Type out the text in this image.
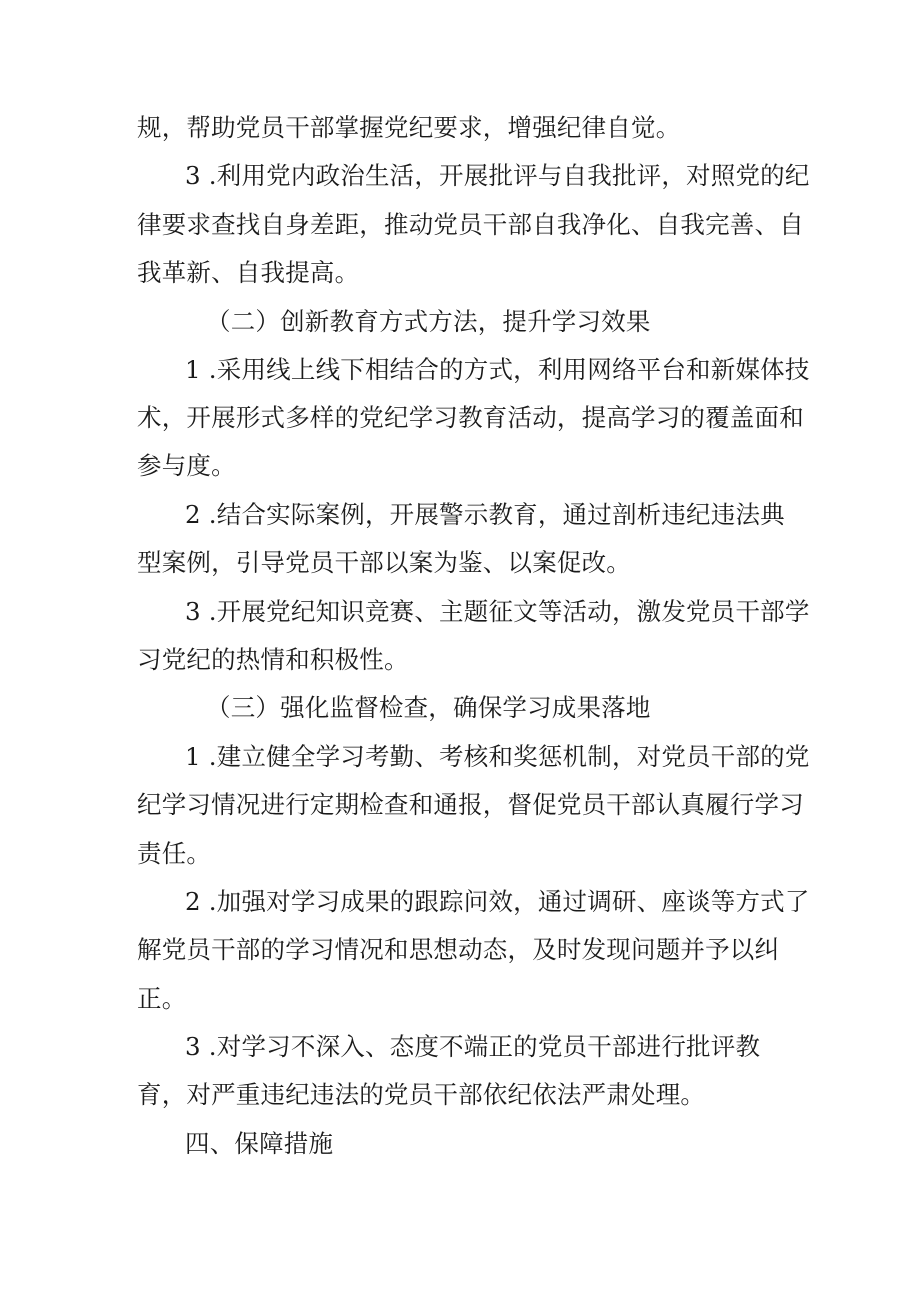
规，帮助党员干部掌握党纪要求，增强纪律自觉。
3 .利用党内政治生活，开展批评与自我批评，对照党的纪
律要求查找自身差距，推动党员干部自我净化、自我完善、自
我革新、自我提高。
（二）创新教育方式方法，提升学习效果
1 .采用线上线下相结合的方式，利用网络平台和新媒体技
术，开展形式多样的党纪学习教育活动，提高学习的覆盖面和
参与度。
2 .结合实际案例，开展警示教育，通过剖析违纪违法典
型案例，引导党员干部以案为鉴、以案促改。
3 .开展党纪知识竞赛、主题征文等活动，激发党员干部学
习党纪的热情和积极性。
（三）强化监督检查，确保学习成果落地
1 .建立健全学习考勤、考核和奖惩机制，对党员干部的党
纪学习情况进行定期检查和通报，督促党员干部认真履行学习
责任。
2 .加强对学习成果的跟踪问效，通过调研、座谈等方式了
解党员干部的学习情况和思想动态，及时发现问题并予以纠
正。
3 .对学习不深入、态度不端正的党员干部进行批评教
育，对严重违纪违法的党员干部依纪依法严肃处理。
四、保障措施
